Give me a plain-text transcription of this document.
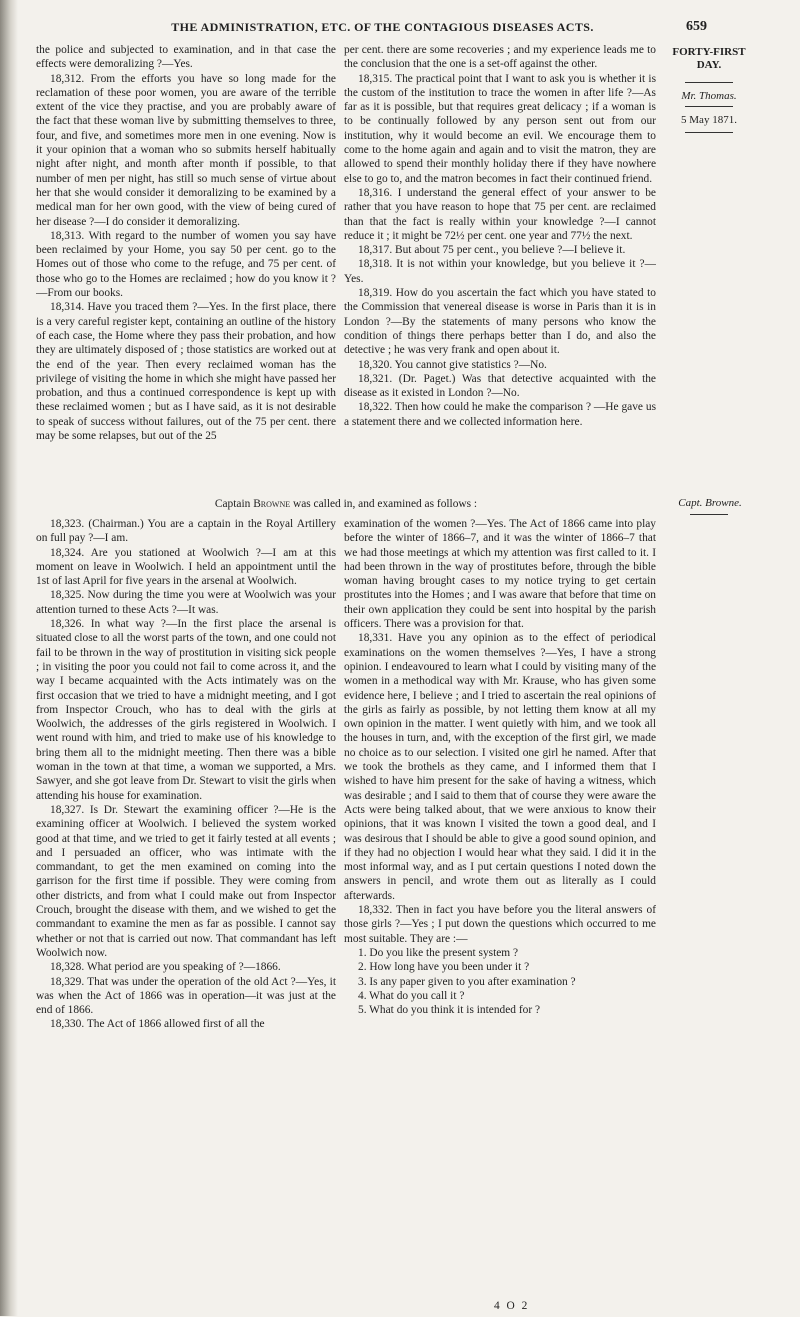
THE ADMINISTRATION, ETC. OF THE CONTAGIOUS DISEASES ACTS.	659
FORTY-FIRST DAY.
Mr. Thomas.
5 May 1871.

the police and subjected to examination, and in that case the effects were demoralizing ?—Yes.

18,312. From the efforts you have so long made for the reclamation of these poor women, you are aware of the terrible extent of the vice they practise, and you are probably aware of the fact that these woman live by submitting themselves to three, four, and five, and sometimes more men in one evening. Now is it your opinion that a woman who so submits herself habitually night after night, and month after month if possible, to that number of men per night, has still so much sense of virtue about her that she would consider it demoralizing to be examined by a medical man for her own good, with the view of being cured of her disease ?—I do consider it demoralizing.

18,313. With regard to the number of women you say have been reclaimed by your Home, you say 50 per cent. go to the Homes out of those who come to the refuge, and 75 per cent. of those who go to the Homes are reclaimed ; how do you know it ?—From our books.

18,314. Have you traced them ?—Yes. In the first place, there is a very careful register kept, containing an outline of the history of each case, the Home where they pass their probation, and how they are ultimately disposed of ; those statistics are worked out at the end of the year. Then every reclaimed woman has the privilege of visiting the home in which she might have passed her probation, and thus a continued correspondence is kept up with these reclaimed women ; but as I have said, as it is not desirable to speak of success without failures, out of the 75 per cent. there may be some relapses, but out of the 25

per cent. there are some recoveries ; and my experience leads me to the conclusion that the one is a set-off against the other.

18,315. The practical point that I want to ask you is whether it is the custom of the institution to trace the women in after life ?—As far as it is possible, but that requires great delicacy ; if a woman is to be continually followed by any person sent out from our institution, why it would become an evil. We encourage them to come to the home again and again and to visit the matron, they are allowed to spend their monthly holiday there if they have nowhere else to go to, and the matron becomes in fact their continued friend.

18,316. I understand the general effect of your answer to be rather that you have reason to hope that 75 per cent. are reclaimed than that the fact is really within your knowledge ?—I cannot reduce it ; it might be 72½ per cent. one year and 77½ the next.

18,317. But about 75 per cent., you believe ?—I believe it.

18,318. It is not within your knowledge, but you believe it ?—Yes.

18,319. How do you ascertain the fact which you have stated to the Commission that venereal disease is worse in Paris than it is in London ?—By the statements of many persons who know the condition of things there perhaps better than I do, and also the detective ; he was very frank and open about it.

18,320. You cannot give statistics ?—No.

18,321. (Dr. Paget.) Was that detective acquainted with the disease as it existed in London ?—No.

18,322. Then how could he make the comparison ? —He gave us a statement there and we collected information here.

Captain Browne was called in, and examined as follows :	Capt. Browne.

18,323. (Chairman.) You are a captain in the Royal Artillery on full pay ?—I am.

18,324. Are you stationed at Woolwich ?—I am at this moment on leave in Woolwich. I held an appointment until the 1st of last April for five years in the arsenal at Woolwich.

18,325. Now during the time you were at Woolwich was your attention turned to these Acts ?—It was.

18,326. In what way ?—In the first place the arsenal is situated close to all the worst parts of the town, and one could not fail to be thrown in the way of prostitution in visiting sick people ; in visiting the poor you could not fail to come across it, and the way I became acquainted with the Acts intimately was on the first occasion that we tried to have a midnight meeting, and I got from Inspector Crouch, who has to deal with the girls at Woolwich, the addresses of the girls registered in Woolwich. I went round with him, and tried to make use of his knowledge to bring them all to the midnight meeting. Then there was a bible woman in the town at that time, a woman we supported, a Mrs. Sawyer, and she got leave from Dr. Stewart to visit the girls when attending his house for examination.

18,327. Is Dr. Stewart the examining officer ?—He is the examining officer at Woolwich. I believed the system worked good at that time, and we tried to get it fairly tested at all events ; and I persuaded an officer, who was intimate with the commandant, to get the men examined on coming into the garrison for the first time if possible. They were coming from other districts, and from what I could make out from Inspector Crouch, brought the disease with them, and we wished to get the commandant to examine the men as far as possible. I cannot say whether or not that is carried out now. That commandant has left Woolwich now.

18,328. What period are you speaking of ?—1866.

18,329. That was under the operation of the old Act ?—Yes, it was when the Act of 1866 was in operation—it was just at the end of 1866.

18,330. The Act of 1866 allowed first of all the

examination of the women ?—Yes. The Act of 1866 came into play before the winter of 1866–7, and it was the winter of 1866–7 that we had those meetings at which my attention was first called to it. I had been thrown in the way of prostitutes before, through the bible woman having brought cases to my notice trying to get certain prostitutes into the Homes ; and I was aware that before that time on their own application they could be sent into hospital by the parish officers. There was a provision for that.

18,331. Have you any opinion as to the effect of periodical examinations on the women themselves ?—Yes, I have a strong opinion. I endeavoured to learn what I could by visiting many of the women in a methodical way with Mr. Krause, who has given some evidence here, I believe ; and I tried to ascertain the real opinions of the girls as fairly as possible, by not letting them know at all my own opinion in the matter. I went quietly with him, and we took all the houses in turn, and, with the exception of the first girl, we made no choice as to our selection. I visited one girl he named. After that we took the brothels as they came, and I informed them that I wished to have him present for the sake of having a witness, which was desirable ; and I said to them that of course they were aware the Acts were being talked about, that we were anxious to know their opinions, that it was known I visited the town a good deal, and I was desirous that I should be able to give a good sound opinion, and if they had no objection I would hear what they said. I did it in the most informal way, and as I put certain questions I noted down the answers in pencil, and wrote them out as literally as I could afterwards.

18,332. Then in fact you have before you the literal answers of those girls ?—Yes ; I put down the questions which occurred to me most suitable. They are :—

1. Do you like the present system ?
2. How long have you been under it ?
3. Is any paper given to you after examination ?
4. What do you call it ?
5. What do you think it is intended for ?
4 O 2
